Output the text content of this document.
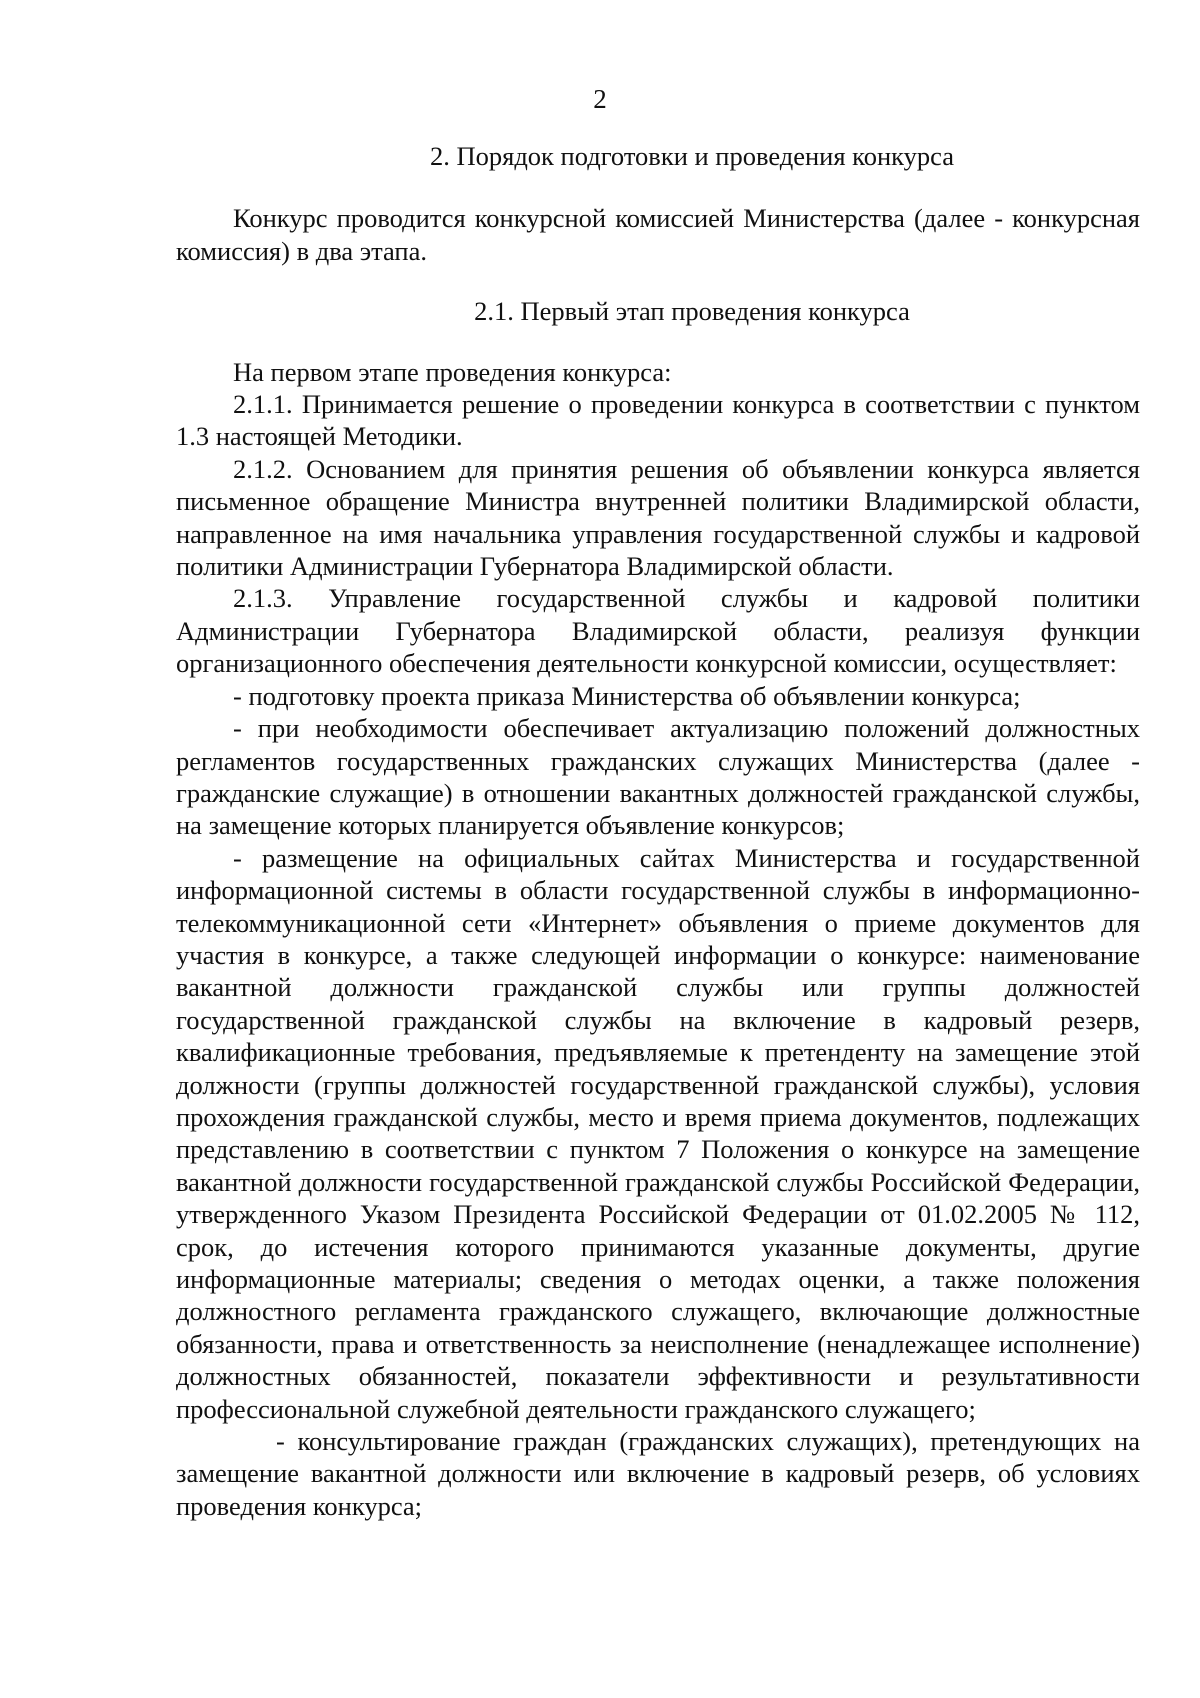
2

2. Порядок подготовки и проведения конкурса

Конкурс проводится конкурсной комиссией Министерства (далее - конкурсная комиссия) в два этапа.

2.1. Первый этап проведения конкурса

На первом этапе проведения конкурса:

2.1.1. Принимается решение о проведении конкурса в соответствии с пунктом 1.3 настоящей Методики.

2.1.2. Основанием для принятия решения об объявлении конкурса является письменное обращение Министра внутренней политики Владимирской области, направленное на имя начальника управления государственной службы и кадровой политики Администрации Губернатора Владимирской области.

2.1.3. Управление государственной службы и кадровой политики Администрации Губернатора Владимирской области, реализуя функции организационного обеспечения деятельности конкурсной комиссии, осуществляет:

- подготовку проекта приказа Министерства об объявлении конкурса;

- при необходимости обеспечивает актуализацию положений должностных регламентов государственных гражданских служащих Министерства (далее - гражданские служащие) в отношении вакантных должностей гражданской службы, на замещение которых планируется объявление конкурсов;

- размещение на официальных сайтах Министерства и государственной информационной системы в области государственной службы в информационно-телекоммуникационной сети «Интернет» объявления о приеме документов для участия в конкурсе, а также следующей информации о конкурсе: наименование вакантной должности гражданской службы или группы должностей государственной гражданской службы на включение в кадровый резерв, квалификационные требования, предъявляемые к претенденту на замещение этой должности (группы должностей государственной гражданской службы), условия прохождения гражданской службы, место и время приема документов, подлежащих представлению в соответствии с пунктом 7 Положения о конкурсе на замещение вакантной должности государственной гражданской службы Российской Федерации, утвержденного Указом Президента Российской Федерации от 01.02.2005 № 112, срок, до истечения которого принимаются указанные документы, другие информационные материалы; сведения о методах оценки, а также положения должностного регламента гражданского служащего, включающие должностные обязанности, права и ответственность за неисполнение (ненадлежащее исполнение) должностных обязанностей, показатели эффективности и результативности профессиональной служебной деятельности гражданского служащего;

- консультирование граждан (гражданских служащих), претендующих на замещение вакантной должности или включение в кадровый резерв, об условиях проведения конкурса;
